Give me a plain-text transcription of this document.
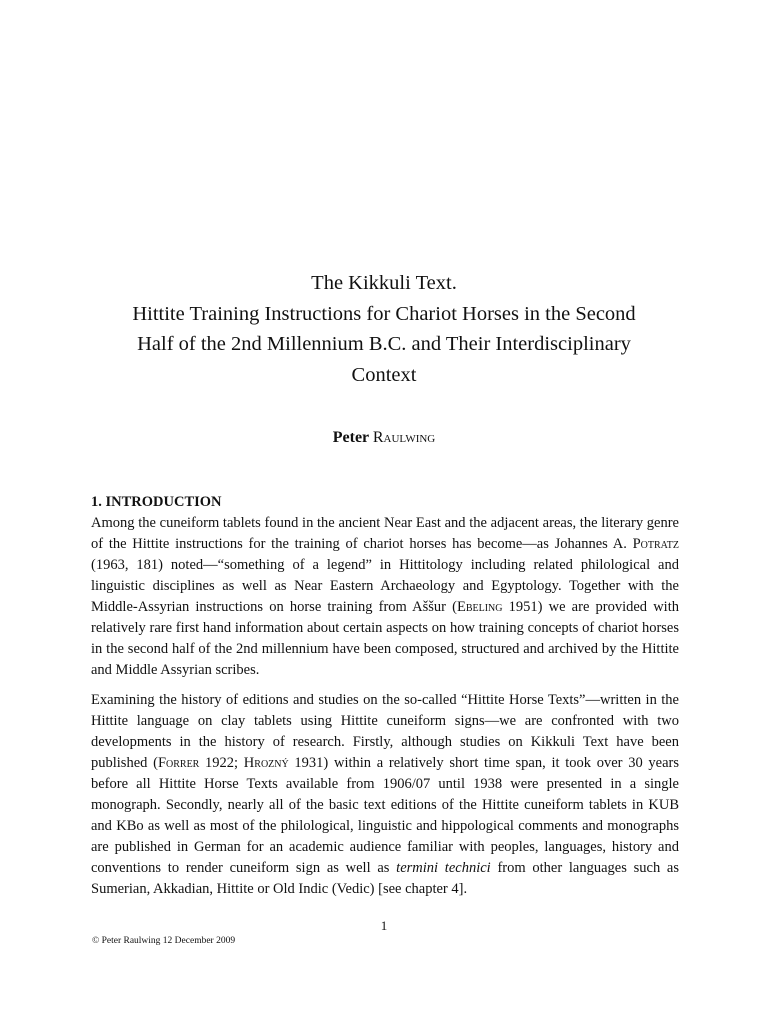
The Kikkuli Text.
Hittite Training Instructions for Chariot Horses in the Second
Half of the 2nd Millennium B.C. and Their Interdisciplinary
Context
Peter Raulwing
1. INTRODUCTION
Among the cuneiform tablets found in the ancient Near East and the adjacent areas, the literary genre of the Hittite instructions for the training of chariot horses has become—as Johannes A. Potratz (1963, 181) noted—“something of a legend” in Hittitology including related philological and linguistic disciplines as well as Near Eastern Archaeology and Egyptology. Together with the Middle-Assyrian instructions on horse training from Aššur (Ebeling 1951) we are provided with relatively rare first hand information about certain aspects on how training concepts of chariot horses in the second half of the 2nd millennium have been composed, structured and archived by the Hittite and Middle Assyrian scribes.
Examining the history of editions and studies on the so-called “Hittite Horse Texts”—written in the Hittite language on clay tablets using Hittite cuneiform signs—we are confronted with two developments in the history of research. Firstly, although studies on Kikkuli Text have been published (Forrer 1922; Hrozný 1931) within a relatively short time span, it took over 30 years before all Hittite Horse Texts available from 1906/07 until 1938 were presented in a single monograph. Secondly, nearly all of the basic text editions of the Hittite cuneiform tablets in KUB and KBo as well as most of the philological, linguistic and hippological comments and monographs are published in German for an academic audience familiar with peoples, languages, history and conventions to render cuneiform sign as well as termini technici from other languages such as Sumerian, Akkadian, Hittite or Old Indic (Vedic) [see chapter 4].
1
© Peter Raulwing 12 December 2009
